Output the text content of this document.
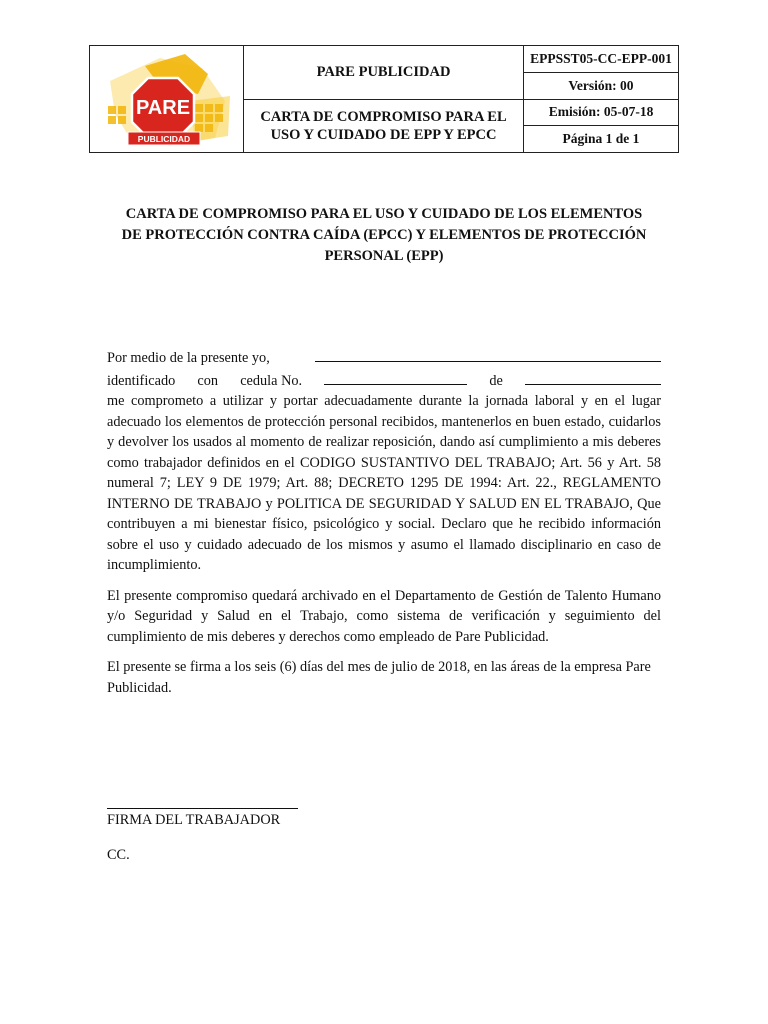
PARE
PUBLICIDAD
PARE PUBLICIDAD
CARTA DE COMPROMISO PARA EL USO Y CUIDADO DE EPP Y EPCC
EPPSST05-CC-EPP-001
Versión: 00
Emisión: 05-07-18
Página 1 de 1
CARTA DE COMPROMISO PARA EL USO Y CUIDADO DE LOS ELEMENTOS
DE PROTECCIÓN CONTRA CAÍDA (EPCC) Y ELEMENTOS DE PROTECCIÓN
PERSONAL (EPP)
Por medio de la presente yo,
identificado con cedula No.	de

me comprometo a utilizar y portar adecuadamente durante la jornada laboral y en el lugar adecuado los elementos de protección personal recibidos, mantenerlos en buen estado, cuidarlos y devolver los usados al momento de realizar reposición, dando así cumplimiento a mis deberes como trabajador definidos en el CODIGO SUSTANTIVO DEL TRABAJO; Art. 56 y Art. 58 numeral 7; LEY 9 DE 1979; Art. 88; DECRETO 1295 DE 1994: Art. 22., REGLAMENTO INTERNO DE TRABAJO y POLITICA DE SEGURIDAD Y SALUD EN EL TRABAJO, Que contribuyen a mi bienestar físico, psicológico y social. Declaro que he recibido información sobre el uso y cuidado adecuado de los mismos y asumo el llamado disciplinario en caso de incumplimiento.

El presente compromiso quedará archivado en el Departamento de Gestión de Talento Humano y/o Seguridad y Salud en el Trabajo, como sistema de verificación y seguimiento del cumplimiento de mis deberes y derechos como empleado de Pare Publicidad.

El presente se firma a los seis (6) días del mes de julio de 2018, en las áreas de la empresa Pare Publicidad.

FIRMA DEL TRABAJADOR
CC.
